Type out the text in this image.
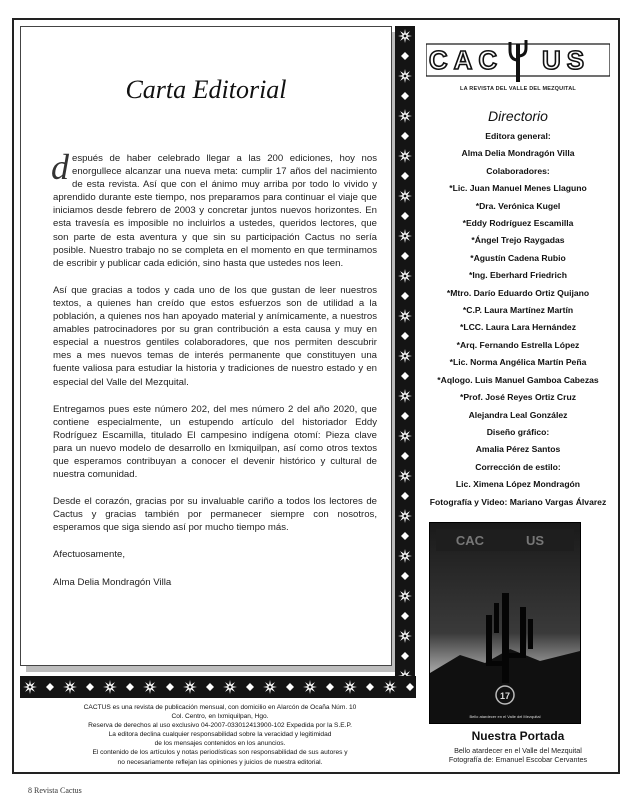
Carta Editorial

después de haber celebrado llegar a las 200 ediciones, hoy nos enorgullece alcanzar una nueva meta: cumplir 17 años del nacimiento de esta revista. Así que con el ánimo muy arriba por todo lo vivido y aprendido durante este tiempo, nos preparamos para continuar el viaje que iniciamos desde febrero de 2003 y concretar juntos nuevos horizontes. En esta travesía es imposible no incluirlos a ustedes, queridos lectores, que son parte de esta aventura y que sin su participación Cactus no sería posible. Nuestro trabajo no se completa en el momento en que terminamos de escribir y publicar cada edición, sino hasta que ustedes nos leen.

Así que gracias a todos y cada uno de los que gustan de leer nuestros textos, a quienes han creído que estos esfuerzos son de utilidad a la población, a quienes nos han apoyado material y anímicamente, a nuestros amables patrocinadores por su gran contribución a esta causa y muy en especial a nuestros gentiles colaboradores, que nos permiten descubrir mes a mes nuevos temas de interés permanente que constituyen una fuente valiosa para estudiar la historia y tradiciones de nuestro estado y en especial del Valle del Mezquital.

Entregamos pues este número 202, del mes número 2 del año 2020, que contiene especialmente, un estupendo artículo del historiador Eddy Rodríguez Escamilla, titulado El campesino indígena otomí: Pieza clave para un nuevo modelo de desarrollo en Ixmiquilpan, así como otros textos que esperamos contribuyan a conocer el devenir histórico y cultural de nuestra comunidad.

Desde el corazón, gracias por su invaluable cariño a todos los lectores de Cactus y gracias también por permanecer siempre con nosotros, esperamos que siga siendo así por mucho tiempo más.

Afectuosamente,

Alma Delia Mondragón Villa

CAC US
LA REVISTA DEL VALLE DEL MEZQUITAL
Directorio
Editora general:
Alma Delia Mondragón Villa
Colaboradores:
*Lic. Juan Manuel Menes Llaguno
*Dra. Verónica Kugel
*Eddy Rodríguez Escamilla
*Ángel Trejo Raygadas
*Agustín Cadena Rubio
*Ing. Eberhard Friedrich
*Mtro. Darío Eduardo Ortiz Quijano
*C.P. Laura Martínez Martín
*LCC. Laura Lara Hernández
*Arq. Fernando Estrella López
*Lic. Norma Angélica Martín Peña
*Aqlogo. Luis Manuel Gamboa Cabezas
*Prof. José Reyes Ortiz Cruz
Alejandra Leal González
Diseño gráfico:
Amalia Pérez Santos
Corrección de estilo:
Lic. Ximena López Mondragón
Fotografía y Video: Mariano Vargas Álvarez
CAC	US
17
Bello atardecer en el Valle del Mezquital
Nuestra Portada
Bello atardecer en el Valle del Mezquital
Fotografía de: Emanuel Escobar Cervantes
CACTUS es una revista de publicación mensual, con domicilio en Alarcón de Ocaña Núm. 10
Col. Centro, en Ixmiquilpan, Hgo.
Reserva de derechos al uso exclusivo 04-2007-033012413900-102 Expedida por la S.E.P.
La editora declina cualquier responsabilidad sobre la veracidad y legitimidad
de los mensajes contenidos en los anuncios.
El contenido de los artículos y notas periodísticas son responsabilidad de sus autores y
no necesariamente reflejan las opiniones y juicios de nuestra editorial.
8 Revista Cactus
